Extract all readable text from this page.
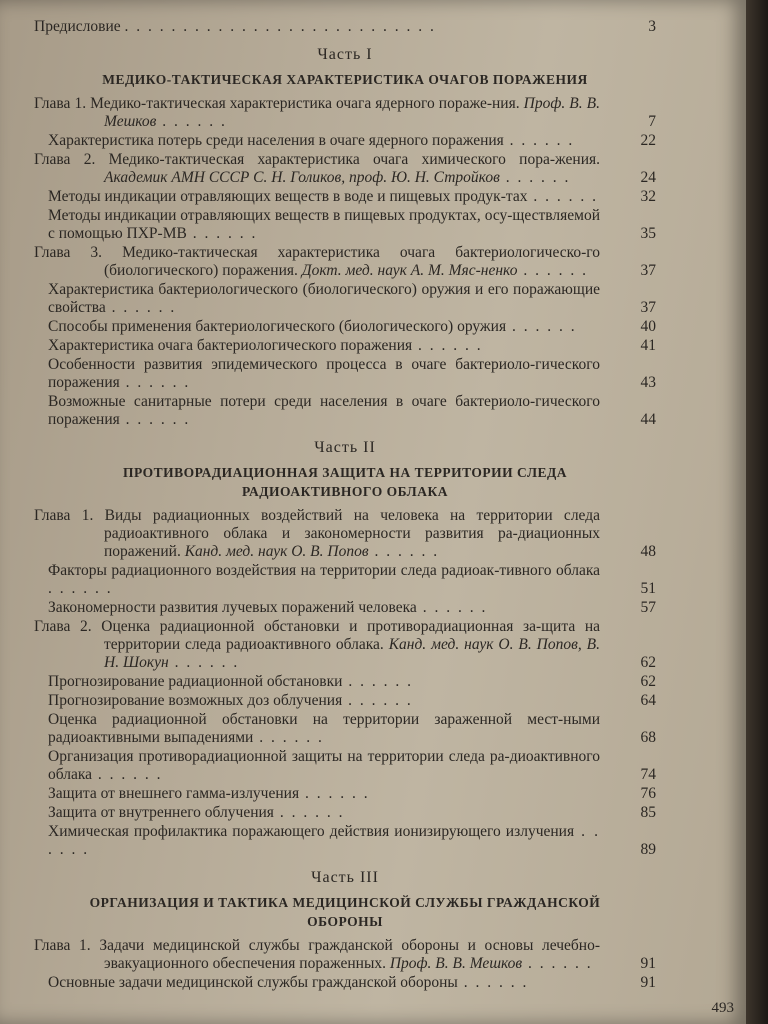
Предисловие . . . . . . . . . . . . . . . . . . . . . . . . . . .	3
Часть I
МЕДИКО-ТАКТИЧЕСКАЯ ХАРАКТЕРИСТИКА ОЧАГОВ ПОРАЖЕНИЯ
Глава 1. Медико-тактическая характеристика очага ядерного пораже-ния. Проф. В. В. Мешков . . . . . .	7
Характеристика потерь среди населения в очаге ядерного поражения . . . . . .	22
Глава 2. Медико-тактическая характеристика очага химического пора-жения. Академик АМН СССР С. Н. Голиков, проф. Ю. Н. Стройков . . . . . .	24
Методы индикации отравляющих веществ в воде и пищевых продук-тах . . . . . .	32
Методы индикации отравляющих веществ в пищевых продуктах, осу-ществляемой с помощью ПХР-МВ . . . . . .	35
Глава 3. Медико-тактическая характеристика очага бактериологическо-го (биологического) поражения. Докт. мед. наук А. М. Мяс-ненко . . . . . .	37
Характеристика бактериологического (биологического) оружия и его поражающие свойства . . . . . .	37
Способы применения бактериологического (биологического) оружия . . . . . .	40
Характеристика очага бактериологического поражения . . . . . .	41
Особенности развития эпидемического процесса в очаге бактериоло-гического поражения . . . . . .	43
Возможные санитарные потери среди населения в очаге бактериоло-гического поражения . . . . . .	44
Часть II
ПРОТИВОРАДИАЦИОННАЯ ЗАЩИТА НА ТЕРРИТОРИИ СЛЕДА РАДИОАКТИВНОГО ОБЛАКА
Глава 1. Виды радиационных воздействий на человека на территории следа радиоактивного облака и закономерности развития ра-диационных поражений. Канд. мед. наук О. В. Попов . . . . . .	48
Факторы радиационного воздействия на территории следа радиоак-тивного облака . . . . . .	51
Закономерности развития лучевых поражений человека . . . . . .	57
Глава 2. Оценка радиационной обстановки и противорадиационная за-щита на территории следа радиоактивного облака. Канд. мед. наук О. В. Попов, В. Н. Шокун . . . . . .	62
Прогнозирование радиационной обстановки . . . . . .	62
Прогнозирование возможных доз облучения . . . . . .	64
Оценка радиационной обстановки на территории зараженной мест-ными радиоактивными выпадениями . . . . . .	68
Организация противорадиационной защиты на территории следа ра-диоактивного облака . . . . . .	74
Защита от внешнего гамма-излучения . . . . . .	76
Защита от внутреннего облучения . . . . . .	85
Химическая профилактика поражающего действия ионизирующего излучения . . . . . .	89
Часть III
ОРГАНИЗАЦИЯ И ТАКТИКА МЕДИЦИНСКОЙ СЛУЖБЫ ГРАЖДАНСКОЙ ОБОРОНЫ
Глава 1. Задачи медицинской службы гражданской обороны и основы лечебно-эвакуационного обеспечения пораженных. Проф. В. В. Мешков . . . . . .	91
Основные задачи медицинской службы гражданской обороны . . . . . .	91
493
